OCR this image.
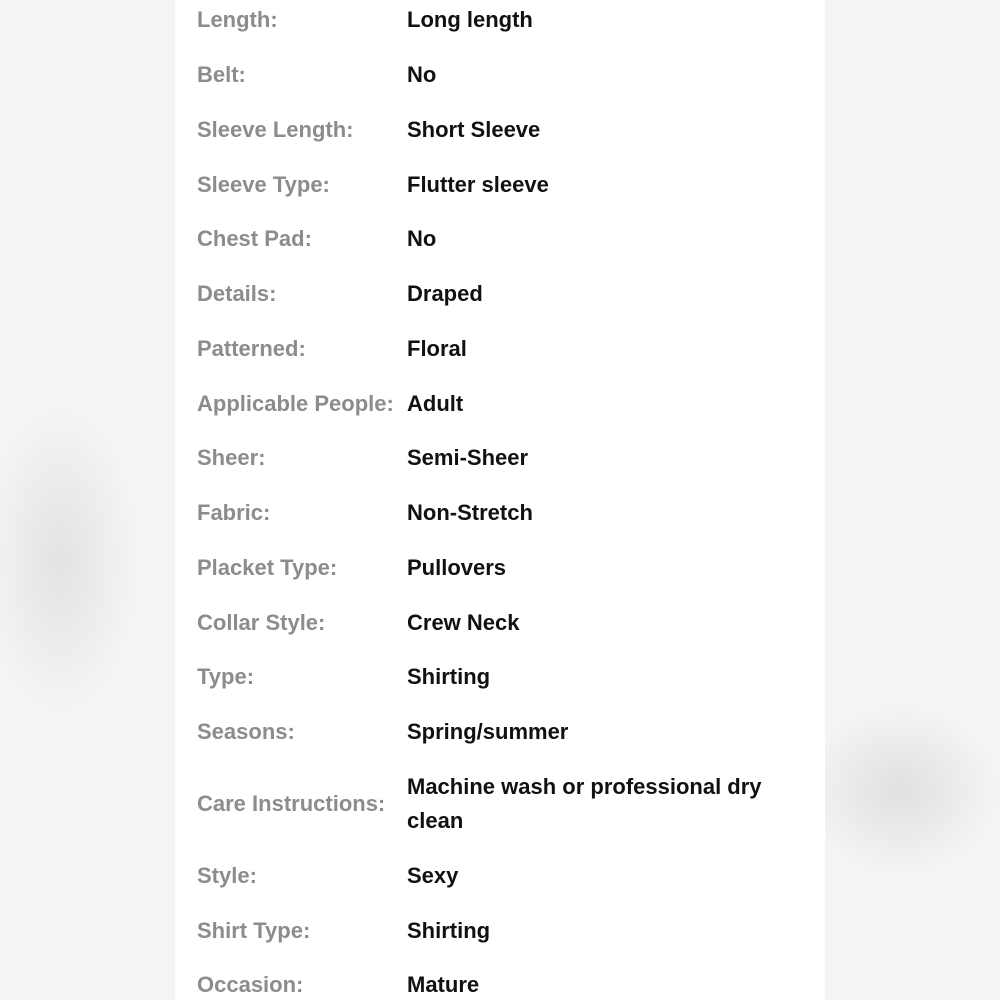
Length:	Long length
Belt:	No
Sleeve Length:	Short Sleeve
Sleeve Type:	Flutter sleeve
Chest Pad:	No
Details:	Draped
Patterned:	Floral
Applicable People: Adult
Sheer:	Semi-Sheer
Fabric:	Non-Stretch
Placket Type:	Pullovers
Collar Style:	Crew Neck
Type:	Shirting
Seasons:	Spring/summer
Care Instructions:
Machine wash or professional dry clean
Style:	Sexy
Shirt Type:	Shirting
Occasion:	Mature
